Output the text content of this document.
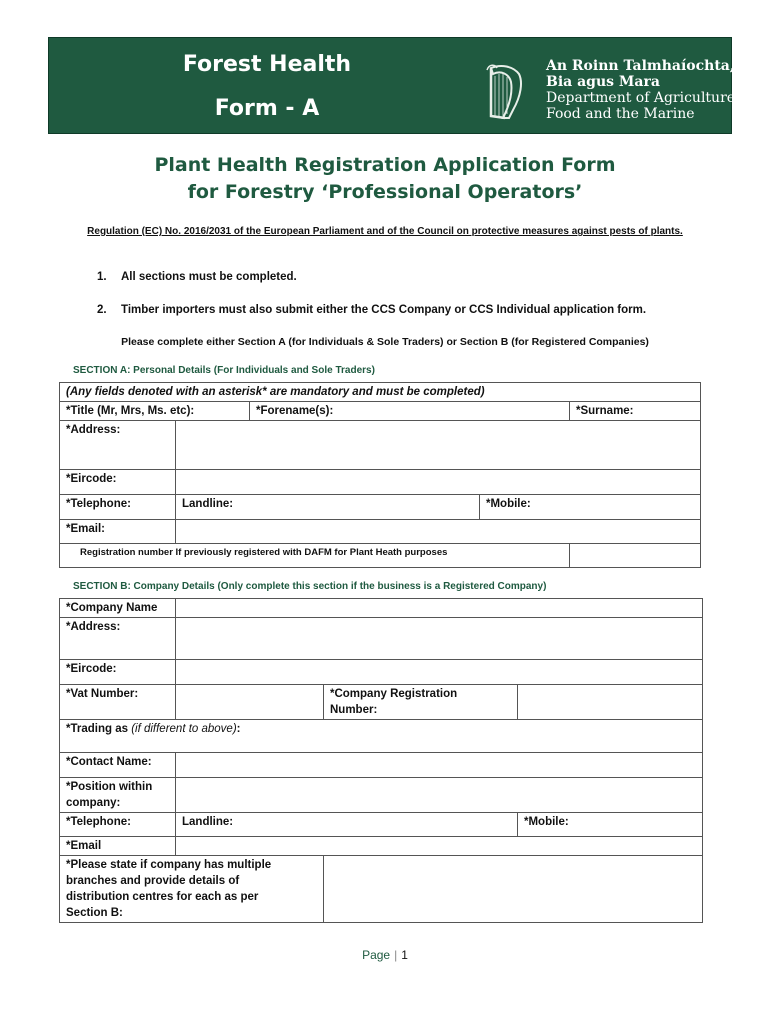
Forest Health
Form - A
An Roinn Talmhaíochta,
Bia agus Mara
Department of Agriculture,
Food and the Marine
Plant Health Registration Application Form
for Forestry ‘Professional Operators’
Regulation (EC) No. 2016/2031 of the European Parliament and of the Council on protective measures against pests of plants.
1. All sections must be completed.
2. Timber importers must also submit either the CCS Company or CCS Individual application form.
Please complete either Section A (for Individuals & Sole Traders) or Section B (for Registered Companies)
SECTION A: Personal Details (For Individuals and Sole Traders)
(Any fields denoted with an asterisk* are mandatory and must be completed)				
*Title (Mr, Mrs, Ms. etc):		*Forename(s):		*Surname:
*Address:				
*Eircode:				
*Telephone:	Landline:		*Mobile:	
*Email:				
Registration number If previously registered with DAFM for Plant Heath purposes				
SECTION B: Company Details (Only complete this section if the business is a Registered Company)
*Company Name			
*Address:			
*Eircode:			
*Vat Number:		*Company Registration
Number:	

*Trading as (if different to above):			
*Contact Name:			

*Position within
company:			

*Telephone:	Landline:		*Mobile:
*Email			

*Please state if company has multiple
branches and provide details of
distribution centres for each as per
Section B:			

Page | 1
